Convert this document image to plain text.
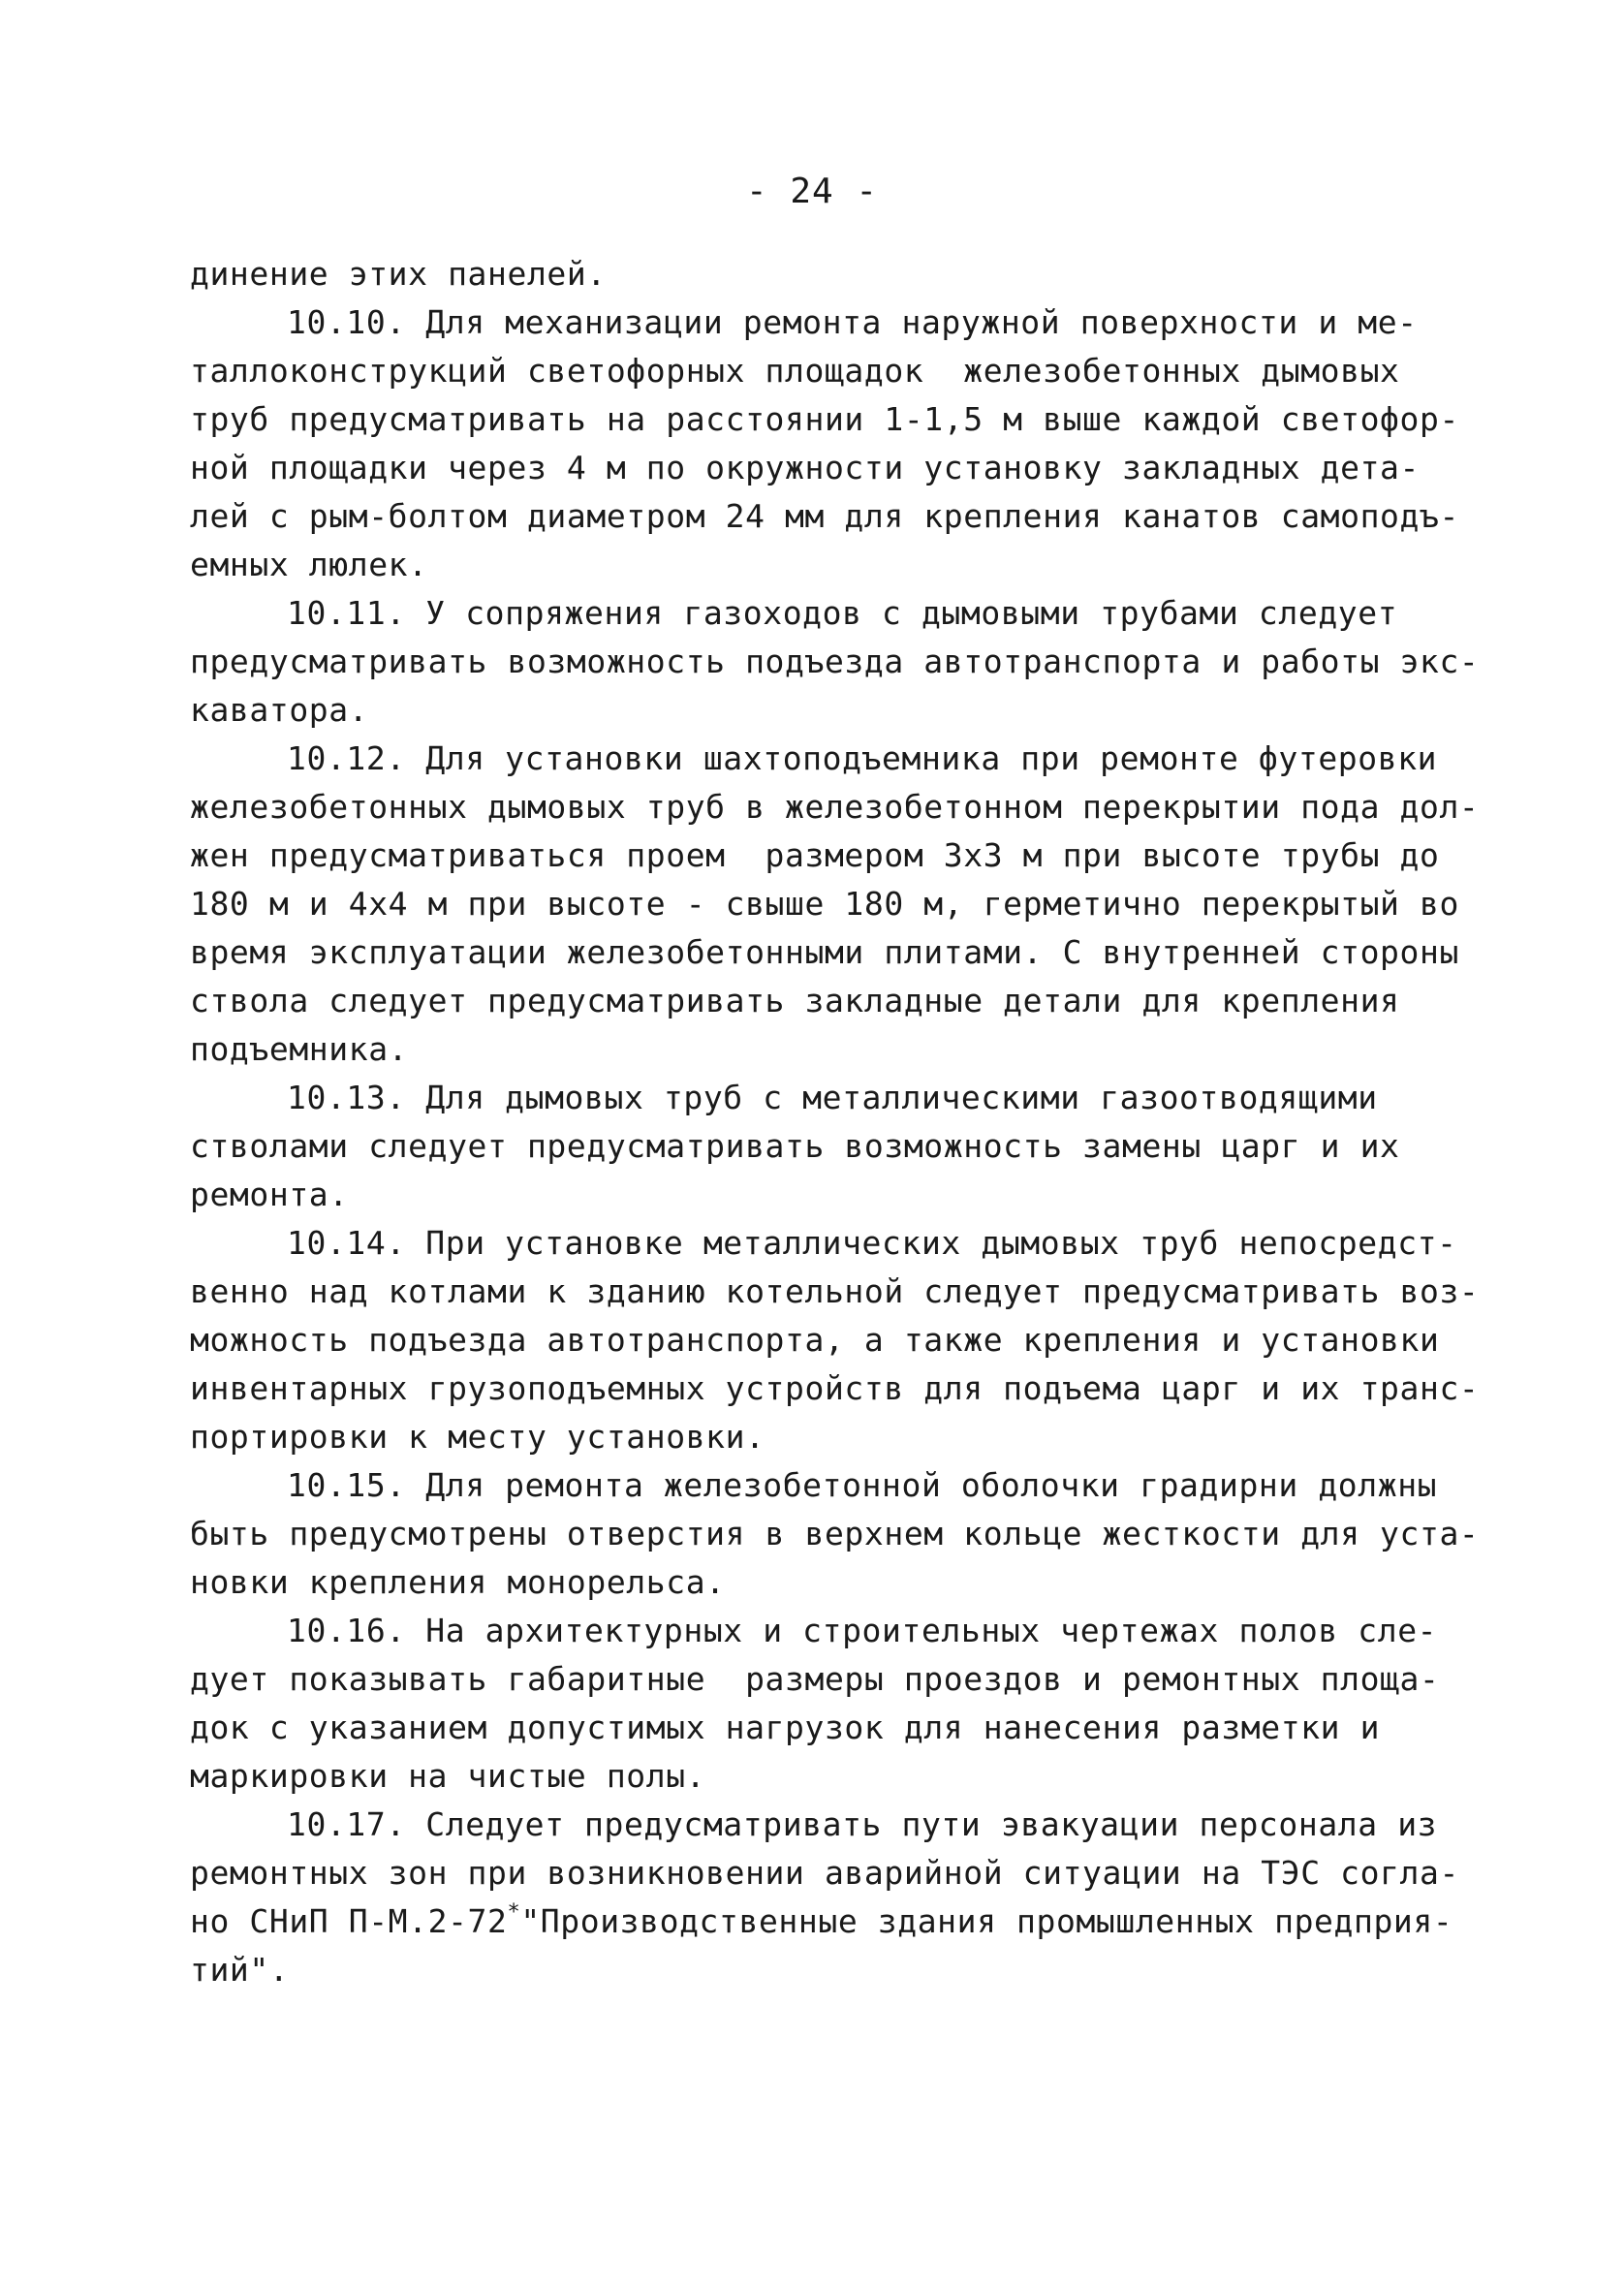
- 24 -
динение этих панелей.
10.10. Для механизации ремонта наружной поверхности и ме-
таллоконструкций светофорных площадок  железобетонных дымовых
труб предусматривать на расстоянии 1-1,5 м выше каждой светофор-
ной площадки через 4 м по окружности установку закладных дета-
лей с рым-болтом диаметром 24 мм для крепления канатов самоподъ-
емных люлек.
10.11. У сопряжения газоходов с дымовыми трубами следует
предусматривать возможность подъезда автотранспорта и работы экс-
каватора.
10.12. Для установки шахтоподъемника при ремонте футеровки
железобетонных дымовых труб в железобетонном перекрытии пода дол-
жен предусматриваться проем  размером 3х3 м при высоте трубы до
180 м и 4х4 м при высоте - свыше 180 м, герметично перекрытый во
время эксплуатации железобетонными плитами. С внутренней стороны
ствола следует предусматривать закладные детали для крепления
подъемника.
10.13. Для дымовых труб с металлическими газоотводящими
стволами следует предусматривать возможность замены царг и их
ремонта.
10.14. При установке металлических дымовых труб непосредст-
венно над котлами к зданию котельной следует предусматривать воз-
можность подъезда автотранспорта, а также крепления и установки
инвентарных грузоподъемных устройств для подъема царг и их транс-
портировки к месту установки.
10.15. Для ремонта железобетонной оболочки градирни должны
быть предусмотрены отверстия в верхнем кольце жесткости для уста-
новки крепления монорельса.
10.16. На архитектурных и строительных чертежах полов сле-
дует показывать габаритные  размеры проездов и ремонтных площа-
док с указанием допустимых нагрузок для нанесения разметки и
маркировки на чистые полы.
10.17. Следует предусматривать пути эвакуации персонала из
ремонтных зон при возникновении аварийной ситуации на ТЭС согла-
но СНиП П-М.2-72*"Производственные здания промышленных предприя-
тий".
